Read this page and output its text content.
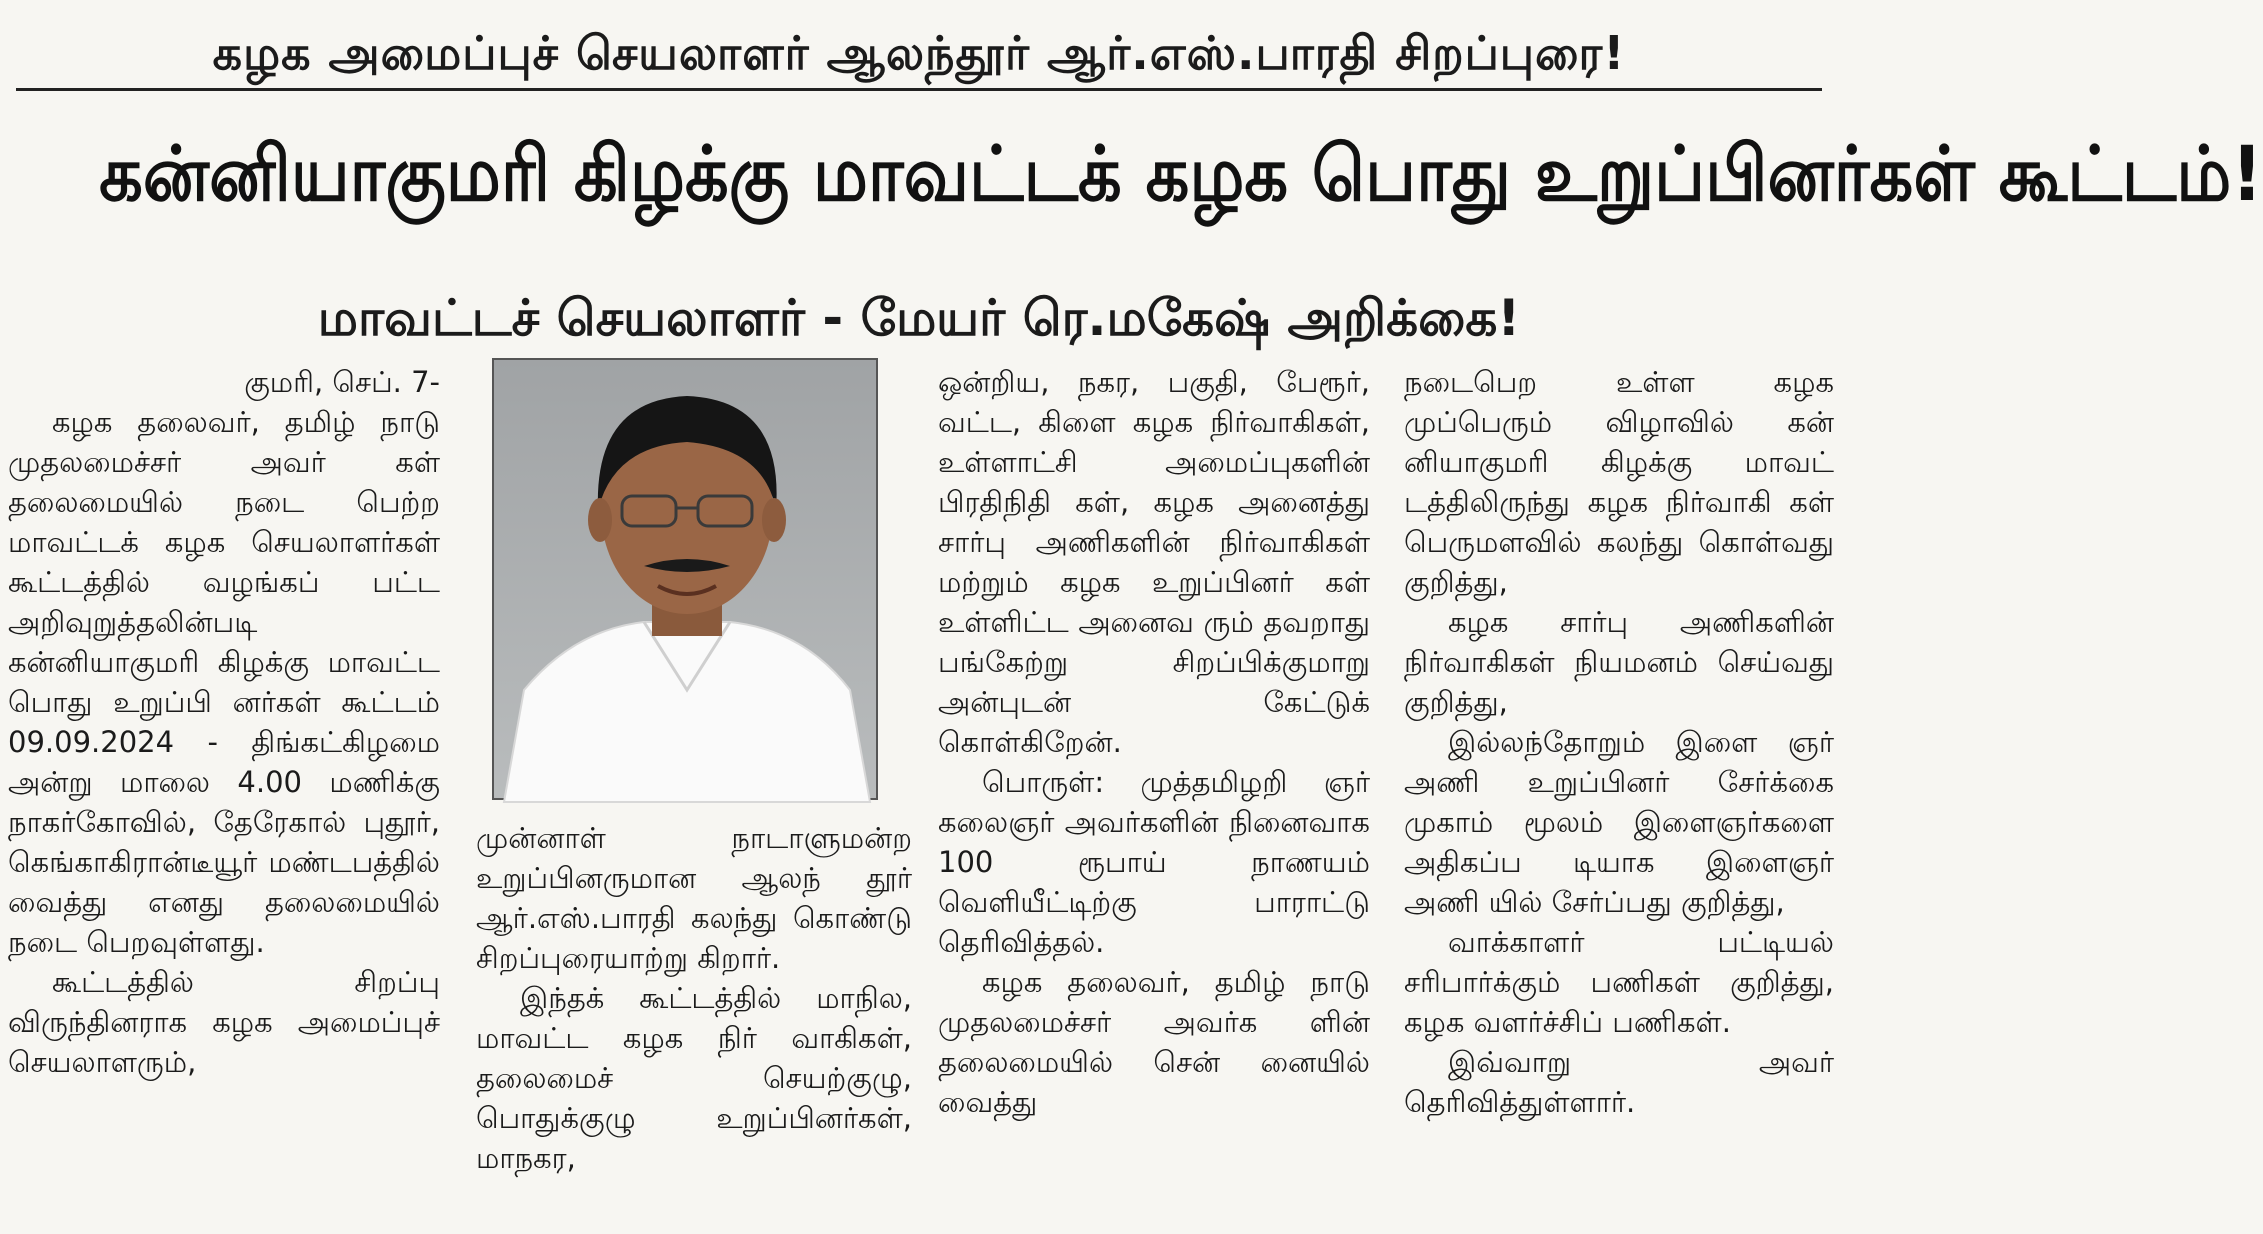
கழக அமைப்புச் செயலாளர் ஆலந்தூர் ஆர்.எஸ்.பாரதி சிறப்புரை!
கன்னியாகுமரி கிழக்கு மாவட்டக் கழக பொது உறுப்பினர்கள் கூட்டம்!
மாவட்டச் செயலாளர் - மேயர் ரெ.மகேஷ் அறிக்கை!

குமரி, செப். 7-

கழக தலைவர், தமிழ் நாடு முதலமைச்சர் அவர் கள் தலைமையில் நடை பெற்ற மாவட்டக் கழக செயலாளர்கள் கூட்டத்தில் வழங்கப் பட்ட அறிவுறுத்தலின்படி கன்னியாகுமரி கிழக்கு மாவட்ட பொது உறுப்பி னர்கள் கூட்டம் 09.09.2024 - திங்கட்கிழமை அன்று மாலை 4.00 மணிக்கு நாகர்கோவில், தேரேகால் புதூர், கெங்காகிரான்டீயூர் மண்டபத்தில் வைத்து எனது தலைமையில் நடை பெறவுள்ளது.

கூட்டத்தில் சிறப்பு விருந்தினராக கழக அமைப்புச் செயலாளரும்,

முன்னாள் நாடாளுமன்ற உறுப்பினருமான ஆலந் தூர் ஆர்.எஸ்.பாரதி கலந்து கொண்டு சிறப்புரையாற்று கிறார்.

இந்தக் கூட்டத்தில் மாநில, மாவட்ட கழக நிர் வாகிகள், தலைமைச் செயற்குழு, பொதுக்குழு உறுப்பினர்கள், மாநகர,

ஒன்றிய, நகர, பகுதி, பேரூர், வட்ட, கிளை கழக நிர்வாகிகள், உள்ளாட்சி அமைப்புகளின் பிரதிநிதி கள், கழக அனைத்து சார்பு அணிகளின் நிர்வாகிகள் மற்றும் கழக உறுப்பினர் கள் உள்ளிட்ட அனைவ ரும் தவறாது பங்கேற்று சிறப்பிக்குமாறு அன்புடன் கேட்டுக் கொள்கிறேன்.

பொருள்: முத்தமிழறி ஞர் கலைஞர் அவர்களின் நினைவாக 100 ரூபாய் நாணயம் வெளியீட்டிற்கு பாராட்டு தெரிவித்தல்.

கழக தலைவர், தமிழ் நாடு முதலமைச்சர் அவர்க ளின் தலைமையில் சென் னையில் வைத்து

நடைபெற உள்ள கழக முப்பெரும் விழாவில் கன் னியாகுமரி கிழக்கு மாவட் டத்திலிருந்து கழக நிர்வாகி கள் பெருமளவில் கலந்து கொள்வது குறித்து,

கழக சார்பு அணிகளின் நிர்வாகிகள் நியமனம் செய்வது குறித்து,

இல்லந்தோறும் இளை ஞர் அணி உறுப்பினர் சேர்க்கை முகாம் மூலம் இளைஞர்களை அதிகப்ப டியாக இளைஞர் அணி யில் சேர்ப்பது குறித்து,

வாக்காளர் பட்டியல் சரிபார்க்கும் பணிகள் குறித்து, கழக வளர்ச்சிப் பணிகள்.

இவ்வாறு அவர் தெரிவித்துள்ளார்.
